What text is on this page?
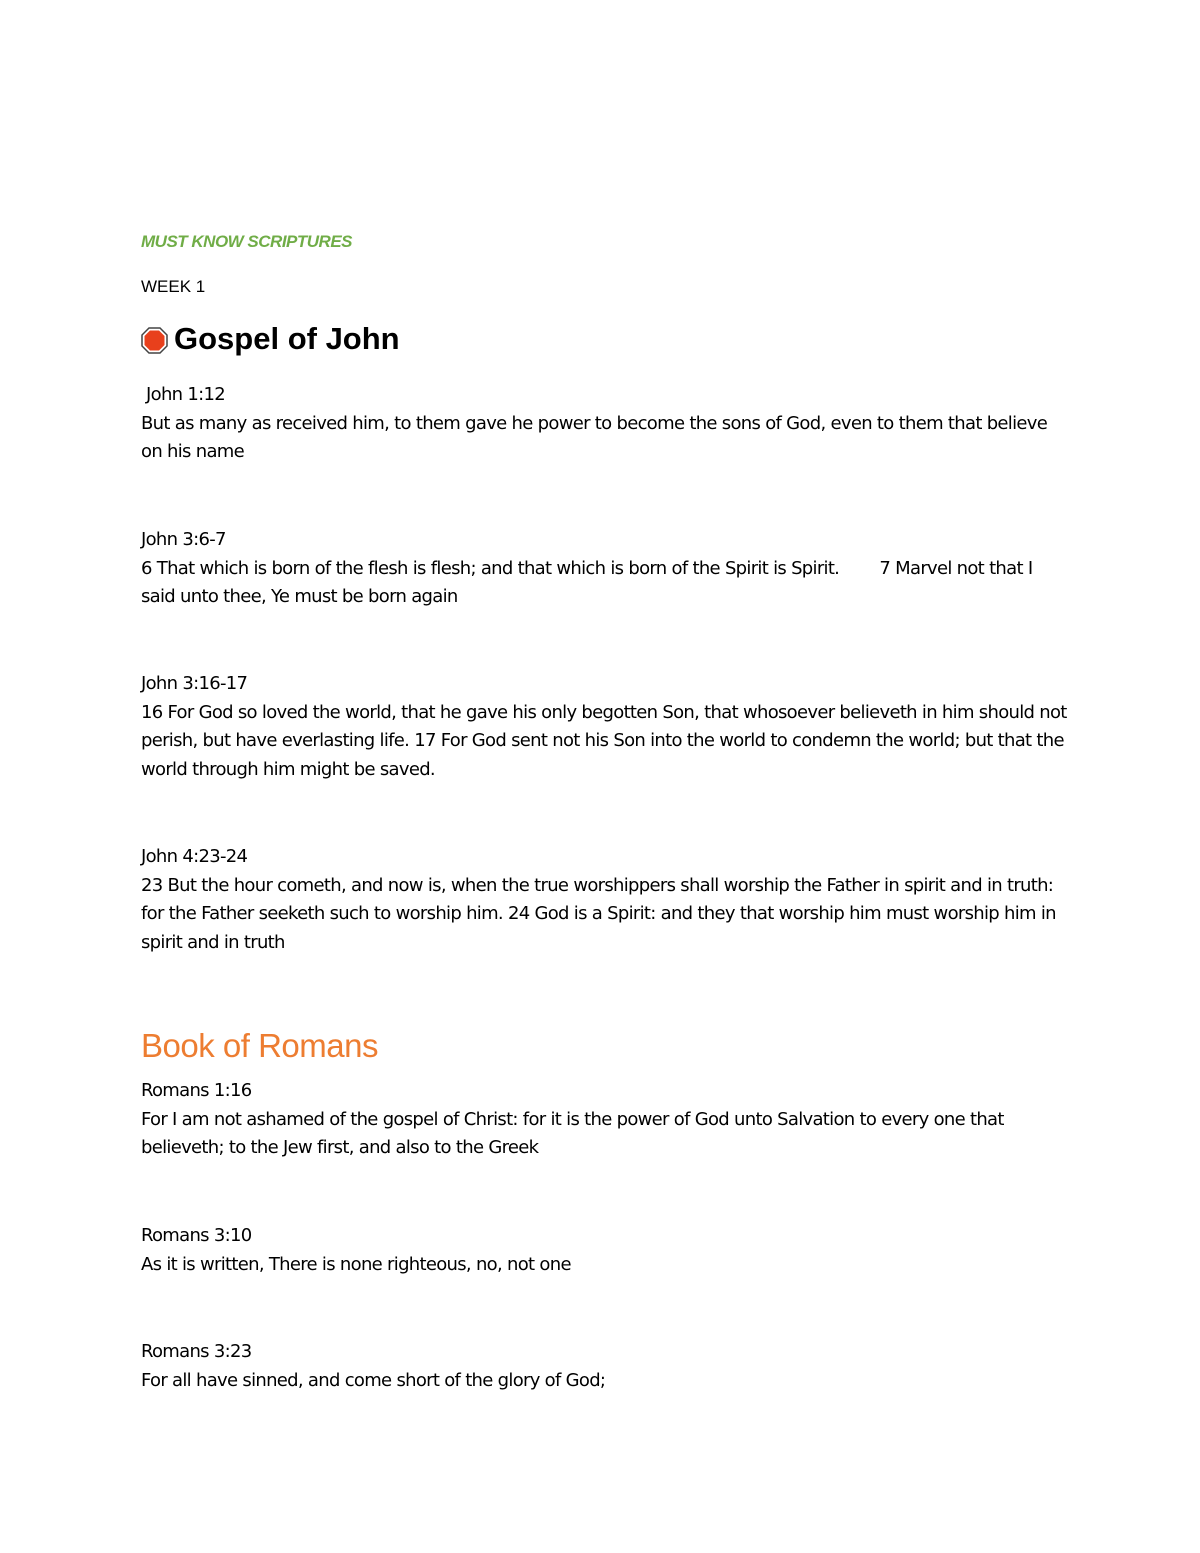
MUST KNOW SCRIPTURES
WEEK 1
Gospel of John
John 1:12
But as many as received him, to them gave he power to become the sons of God, even to them that believe on his name
John 3:6-7
6 That which is born of the flesh is flesh; and that which is born of the Spirit is Spirit.        7 Marvel not that I said unto thee, Ye must be born again
John 3:16-17
16 For God so loved the world, that he gave his only begotten Son, that whosoever believeth in him should not perish, but have everlasting life. 17 For God sent not his Son into the world to condemn the world; but that the world through him might be saved.
John 4:23-24
23 But the hour cometh, and now is, when the true worshippers shall worship the Father in spirit and in truth: for the Father seeketh such to worship him. 24 God is a Spirit: and they that worship him must worship him in spirit and in truth
Book of Romans
Romans 1:16
For I am not ashamed of the gospel of Christ: for it is the power of God unto Salvation to every one that believeth; to the Jew first, and also to the Greek
Romans 3:10
As it is written, There is none righteous, no, not one
Romans 3:23
For all have sinned, and come short of the glory of God;
